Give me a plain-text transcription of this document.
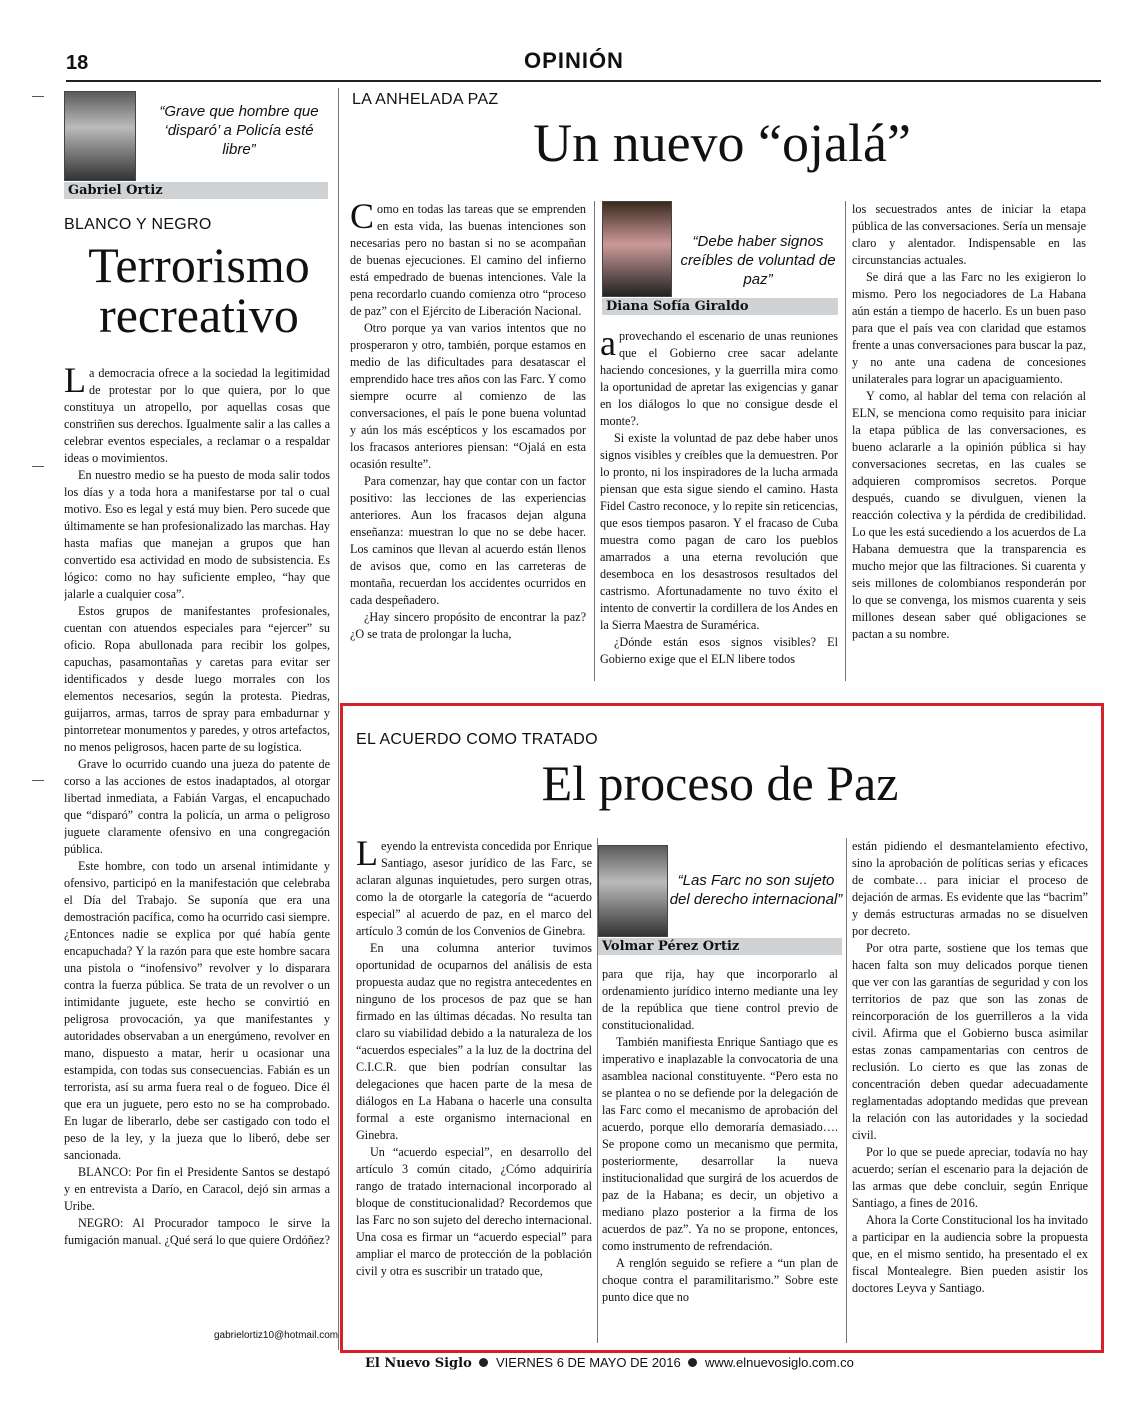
18	OPINIÓN
“Grave que hombre que ‘disparó’ a Policía esté libre”
Gabriel Ortiz
BLANCO Y NEGRO
Terrorismo recreativo

La democracia ofrece a la sociedad la legitimidad de protestar por lo que quiera, por lo que constituya un atropello, por aquellas cosas que constriñen sus derechos. Igualmente salir a las calles a celebrar eventos especiales, a reclamar o a respaldar ideas o movimientos.

En nuestro medio se ha puesto de moda salir todos los días y a toda hora a manifestarse por tal o cual motivo. Eso es legal y está muy bien. Pero sucede que últimamente se han profesionalizado las marchas. Hay hasta mafias que manejan a grupos que han convertido esa actividad en modo de subsistencia. Es lógico: como no hay suficiente empleo, “hay que jalarle a cualquier cosa”.

Estos grupos de manifestantes profesionales, cuentan con atuendos especiales para “ejercer” su oficio. Ropa abullonada para recibir los golpes, capuchas, pasamontañas y caretas para evitar ser identificados y desde luego morrales con los elementos necesarios, según la protesta. Piedras, guijarros, armas, tarros de spray para embadurnar y pintorretear monumentos y paredes, y otros artefactos, no menos peligrosos, hacen parte de su logística.

Grave lo ocurrido cuando una jueza do patente de corso a las acciones de estos inadaptados, al otorgar libertad inmediata, a Fabián Vargas, el encapuchado que “disparó” contra la policía, un arma o peligroso juguete claramente ofensivo en una congregación pública.

Este hombre, con todo un arsenal intimidante y ofensivo, participó en la manifestación que celebraba el Día del Trabajo. Se suponía que era una demostración pacífica, como ha ocurrido casi siempre. ¿Entonces nadie se explica por qué había gente encapuchada? Y la razón para que este hombre sacara una pistola o “inofensivo” revolver y lo disparara contra la fuerza pública. Se trata de un revolver o un intimidante juguete, este hecho se convirtió en peligrosa provocación, ya que manifestantes y autoridades observaban a un energúmeno, revolver en mano, dispuesto a matar, herir u ocasionar una estampida, con todas sus consecuencias. Fabián es un terrorista, así su arma fuera real o de fogueo. Dice él que era un juguete, pero esto no se ha comprobado. En lugar de liberarlo, debe ser castigado con todo el peso de la ley, y la jueza que lo liberó, debe ser sancionada.

BLANCO: Por fin el Presidente Santos se destapó y en entrevista a Darío, en Caracol, dejó sin armas a Uribe.

NEGRO: Al Procurador tampoco le sirve la fumigación manual. ¿Qué será lo que quiere Ordóñez?

gabrielortiz10@hotmail.com
LA ANHELADA PAZ
Un nuevo “ojalá”

Como en todas las tareas que se emprenden en esta vida, las buenas intenciones son necesarias pero no bastan si no se acompañan de buenas ejecuciones. El camino del infierno está empedrado de buenas intenciones. Vale la pena recordarlo cuando comienza otro “proceso de paz” con el Ejército de Liberación Nacional.

Otro porque ya van varios intentos que no prosperaron y otro, también, porque estamos en medio de las dificultades para desatascar el emprendido hace tres años con las Farc. Y como siempre ocurre al comienzo de las conversaciones, el país le pone buena voluntad y aún los más escépticos y los escamados por los fracasos anteriores piensan: “Ojalá en esta ocasión resulte”.

Para comenzar, hay que contar con un factor positivo: las lecciones de las experiencias anteriores. Aun los fracasos dejan alguna enseñanza: muestran lo que no se debe hacer. Los caminos que llevan al acuerdo están llenos de avisos que, como en las carreteras de montaña, recuerdan los accidentes ocurridos en cada despeñadero.

¿Hay sincero propósito de encontrar la paz? ¿O se trata de prolongar la lucha,

“Debe haber signos creíbles de voluntad de paz”
Diana Sofía Giraldo

aprovechando el escenario de unas reuniones que el Gobierno cree sacar adelante haciendo concesiones, y la guerrilla mira como la oportunidad de apretar las exigencias y ganar en los diálogos lo que no consigue desde el monte?.

Si existe la voluntad de paz debe haber unos signos visibles y creíbles que la demuestren. Por lo pronto, ni los inspiradores de la lucha armada piensan que esta sigue siendo el camino. Hasta Fidel Castro reconoce, y lo repite sin reticencias, que esos tiempos pasaron. Y el fracaso de Cuba muestra como pagan de caro los pueblos amarrados a una eterna revolución que desemboca en los desastrosos resultados del castrismo. Afortunadamente no tuvo éxito el intento de convertir la cordillera de los Andes en la Sierra Maestra de Suramérica.

¿Dónde están esos signos visibles? El Gobierno exige que el ELN libere todos

los secuestrados antes de iniciar la etapa pública de las conversaciones. Sería un mensaje claro y alentador. Indispensable en las circunstancias actuales.

Se dirá que a las Farc no les exigieron lo mismo. Pero los negociadores de La Habana aún están a tiempo de hacerlo. Es un buen paso para que el país vea con claridad que estamos frente a unas conversaciones para buscar la paz, y no ante una cadena de concesiones unilaterales para lograr un apaciguamiento.

Y como, al hablar del tema con relación al ELN, se menciona como requisito para iniciar la etapa pública de las conversaciones, es bueno aclararle a la opinión pública si hay conversaciones secretas, en las cuales se adquieren compromisos secretos. Porque después, cuando se divulguen, vienen la reacción colectiva y la pérdida de credibilidad. Lo que les está sucediendo a los acuerdos de La Habana demuestra que la transparencia es mucho mejor que las filtraciones. Si cuarenta y seis millones de colombianos responderán por lo que se convenga, los mismos cuarenta y seis millones desean saber qué obligaciones se pactan a su nombre.

EL ACUERDO COMO TRATADO
El proceso de Paz

Leyendo la entrevista concedida por Enrique Santiago, asesor jurídico de las Farc, se aclaran algunas inquietudes, pero surgen otras, como la de otorgarle la categoría de “acuerdo especial” al acuerdo de paz, en el marco del artículo 3 común de los Convenios de Ginebra.

En una columna anterior tuvimos oportunidad de ocuparnos del análisis de esta propuesta audaz que no registra antecedentes en ninguno de los procesos de paz que se han firmado en las últimas décadas. No resulta tan claro su viabilidad debido a la naturaleza de los “acuerdos especiales” a la luz de la doctrina del C.I.C.R. que bien podrían consultar las delegaciones que hacen parte de la mesa de diálogos en La Habana o hacerle una consulta formal a este organismo internacional en Ginebra.

Un “acuerdo especial”, en desarrollo del artículo 3 común citado, ¿Cómo adquiriría rango de tratado internacional incorporado al bloque de constitucionalidad? Recordemos que las Farc no son sujeto del derecho internacional. Una cosa es firmar un “acuerdo especial” para ampliar el marco de protección de la población civil y otra es suscribir un tratado que,

“Las Farc no son sujeto del derecho internacional”
Volmar Pérez Ortiz

para que rija, hay que incorporarlo al ordenamiento jurídico interno mediante una ley de la república que tiene control previo de constitucionalidad.

También manifiesta Enrique Santiago que es imperativo e inaplazable la convocatoria de una asamblea nacional constituyente. “Pero esta no se planteа o no se defiende por la delegación de las Farc como el mecanismo de aprobación del acuerdo, porque ello demoraría demasiado…. Se propone como un mecanismo que permita, posteriormente, desarrollar la nueva institucionalidad que surgirá de los acuerdos de paz de la Habana; es decir, un objetivo a mediano plazo posterior a la firma de los acuerdos de paz”. Ya no se propone, entonces, como instrumento de refrendación.

A renglón seguido se refiere a “un plan de choque contra el paramilitarismo.” Sobre este punto dice que no

están pidiendo el desmantelamiento efectivo, sino la aprobación de políticas serias y eficaces de combate… para iniciar el proceso de dejación de armas. Es evidente que las “bacrim” y demás estructuras armadas no se disuelven por decreto.

Por otra parte, sostiene que los temas que hacen falta son muy delicados porque tienen que ver con las garantías de seguridad y con los territorios de paz que son las zonas de reincorporación de los guerrilleros a la vida civil. Afirma que el Gobierno busca asimilar estas zonas campamentarias con centros de reclusión. Lo cierto es que las zonas de concentración deben quedar adecuadamente reglamentadas adoptando medidas que prevean la relación con las autoridades y la sociedad civil.

Por lo que se puede apreciar, todavía no hay acuerdo; serían el escenario para la dejación de las armas que debe concluir, según Enrique Santiago, a fines de 2016.

Ahora la Corte Constitucional los ha invitado a participar en la audiencia sobre la propuesta que, en el mismo sentido, ha presentado el ex fiscal Montealegre. Bien pueden asistir los doctores Leyva y Santiago.

El Nuevo Siglo VIERNES 6 DE MAYO DE 2016 www.elnuevosiglo.com.co
